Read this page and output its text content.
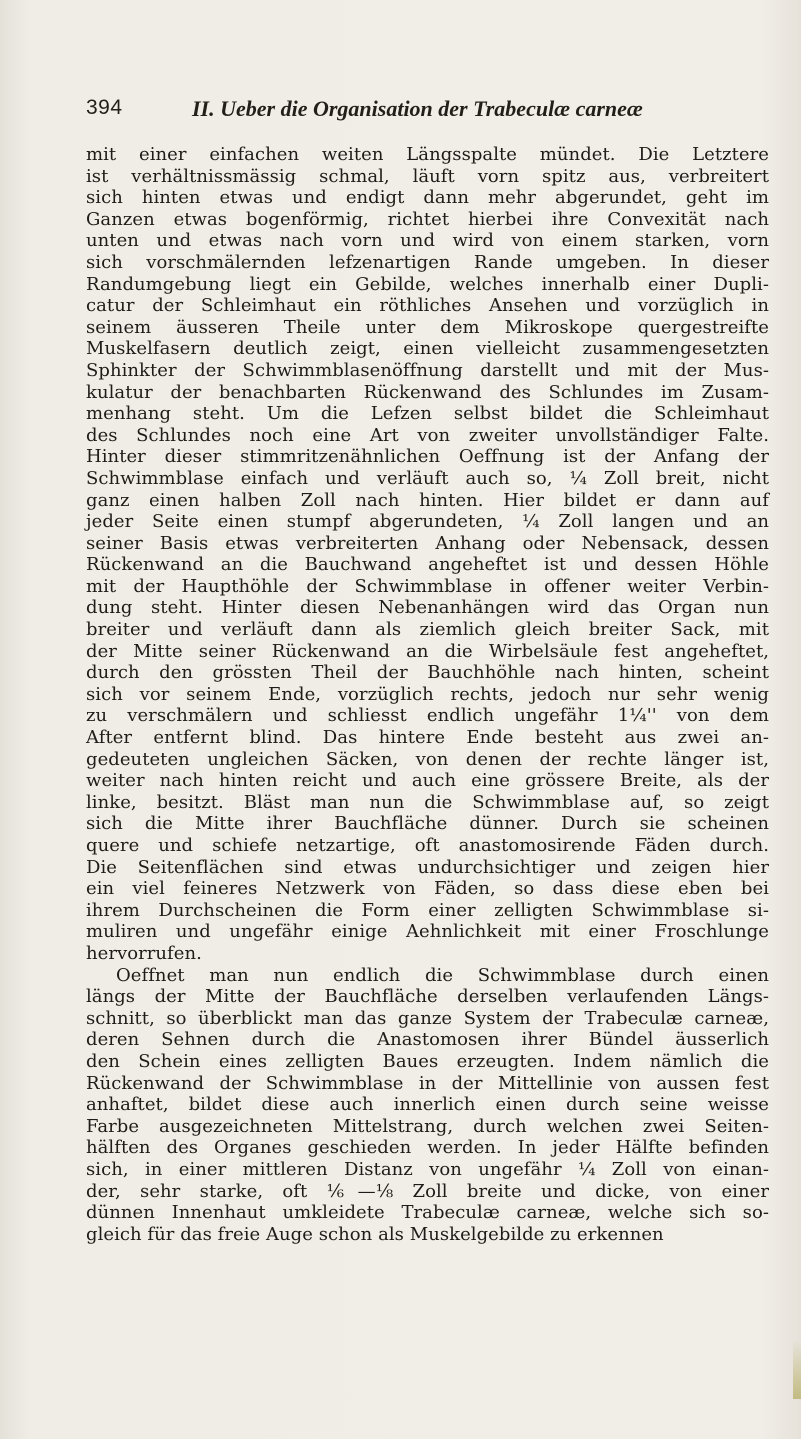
394	II. Ueber die Organisation der Trabeculæ carneæ
mit einer einfachen weiten Längsspalte mündet. Die Letztere
ist verhältnissmässig schmal, läuft vorn spitz aus, verbreitert
sich hinten etwas und endigt dann mehr abgerundet, geht im
Ganzen etwas bogenförmig, richtet hierbei ihre Convexität nach
unten und etwas nach vorn und wird von einem starken, vorn
sich vorschmälernden lefzenartigen Rande umgeben. In dieser
Randumgebung liegt ein Gebilde, welches innerhalb einer Dupli-
catur der Schleimhaut ein röthliches Ansehen und vorzüglich in
seinem äusseren Theile unter dem Mikroskope quergestreifte
Muskelfasern deutlich zeigt, einen vielleicht zusammengesetzten
Sphinkter der Schwimmblasenöffnung darstellt und mit der Mus-
kulatur der benachbarten Rückenwand des Schlundes im Zusam-
menhang steht. Um die Lefzen selbst bildet die Schleimhaut
des Schlundes noch eine Art von zweiter unvollständiger Falte.
Hinter dieser stimmritzenähnlichen Oeffnung ist der Anfang der
Schwimmblase einfach und verläuft auch so, ¼ Zoll breit, nicht
ganz einen halben Zoll nach hinten. Hier bildet er dann auf
jeder Seite einen stumpf abgerundeten, ¼ Zoll langen und an
seiner Basis etwas verbreiterten Anhang oder Nebensack, dessen
Rückenwand an die Bauchwand angeheftet ist und dessen Höhle
mit der Haupthöhle der Schwimmblase in offener weiter Verbin-
dung steht. Hinter diesen Nebenanhängen wird das Organ nun
breiter und verläuft dann als ziemlich gleich breiter Sack, mit
der Mitte seiner Rückenwand an die Wirbelsäule fest angeheftet,
durch den grössten Theil der Bauchhöhle nach hinten, scheint
sich vor seinem Ende, vorzüglich rechts, jedoch nur sehr wenig
zu verschmälern und schliesst endlich ungefähr 1¼'' von dem
After entfernt blind. Das hintere Ende besteht aus zwei an-
gedeuteten ungleichen Säcken, von denen der rechte länger ist,
weiter nach hinten reicht und auch eine grössere Breite, als der
linke, besitzt. Bläst man nun die Schwimmblase auf, so zeigt
sich die Mitte ihrer Bauchfläche dünner. Durch sie scheinen
quere und schiefe netzartige, oft anastomosirende Fäden durch.
Die Seitenflächen sind etwas undurchsichtiger und zeigen hier
ein viel feineres Netzwerk von Fäden, so dass diese eben bei
ihrem Durchscheinen die Form einer zelligten Schwimmblase si-
muliren und ungefähr einige Aehnlichkeit mit einer Froschlunge
hervorrufen.
Oeffnet man nun endlich die Schwimmblase durch einen
längs der Mitte der Bauchfläche derselben verlaufenden Längs-
schnitt, so überblickt man das ganze System der Trabeculæ carneæ,
deren Sehnen durch die Anastomosen ihrer Bündel äusserlich
den Schein eines zelligten Baues erzeugten. Indem nämlich die
Rückenwand der Schwimmblase in der Mittellinie von aussen fest
anhaftet, bildet diese auch innerlich einen durch seine weisse
Farbe ausgezeichneten Mittelstrang, durch welchen zwei Seiten-
hälften des Organes geschieden werden. In jeder Hälfte befinden
sich, in einer mittleren Distanz von ungefähr ¼ Zoll von einan-
der, sehr starke, oft ⅙—⅛ Zoll breite und dicke, von einer
dünnen Innenhaut umkleidete Trabeculæ carneæ, welche sich so-
gleich für das freie Auge schon als Muskelgebilde zu erkennen
